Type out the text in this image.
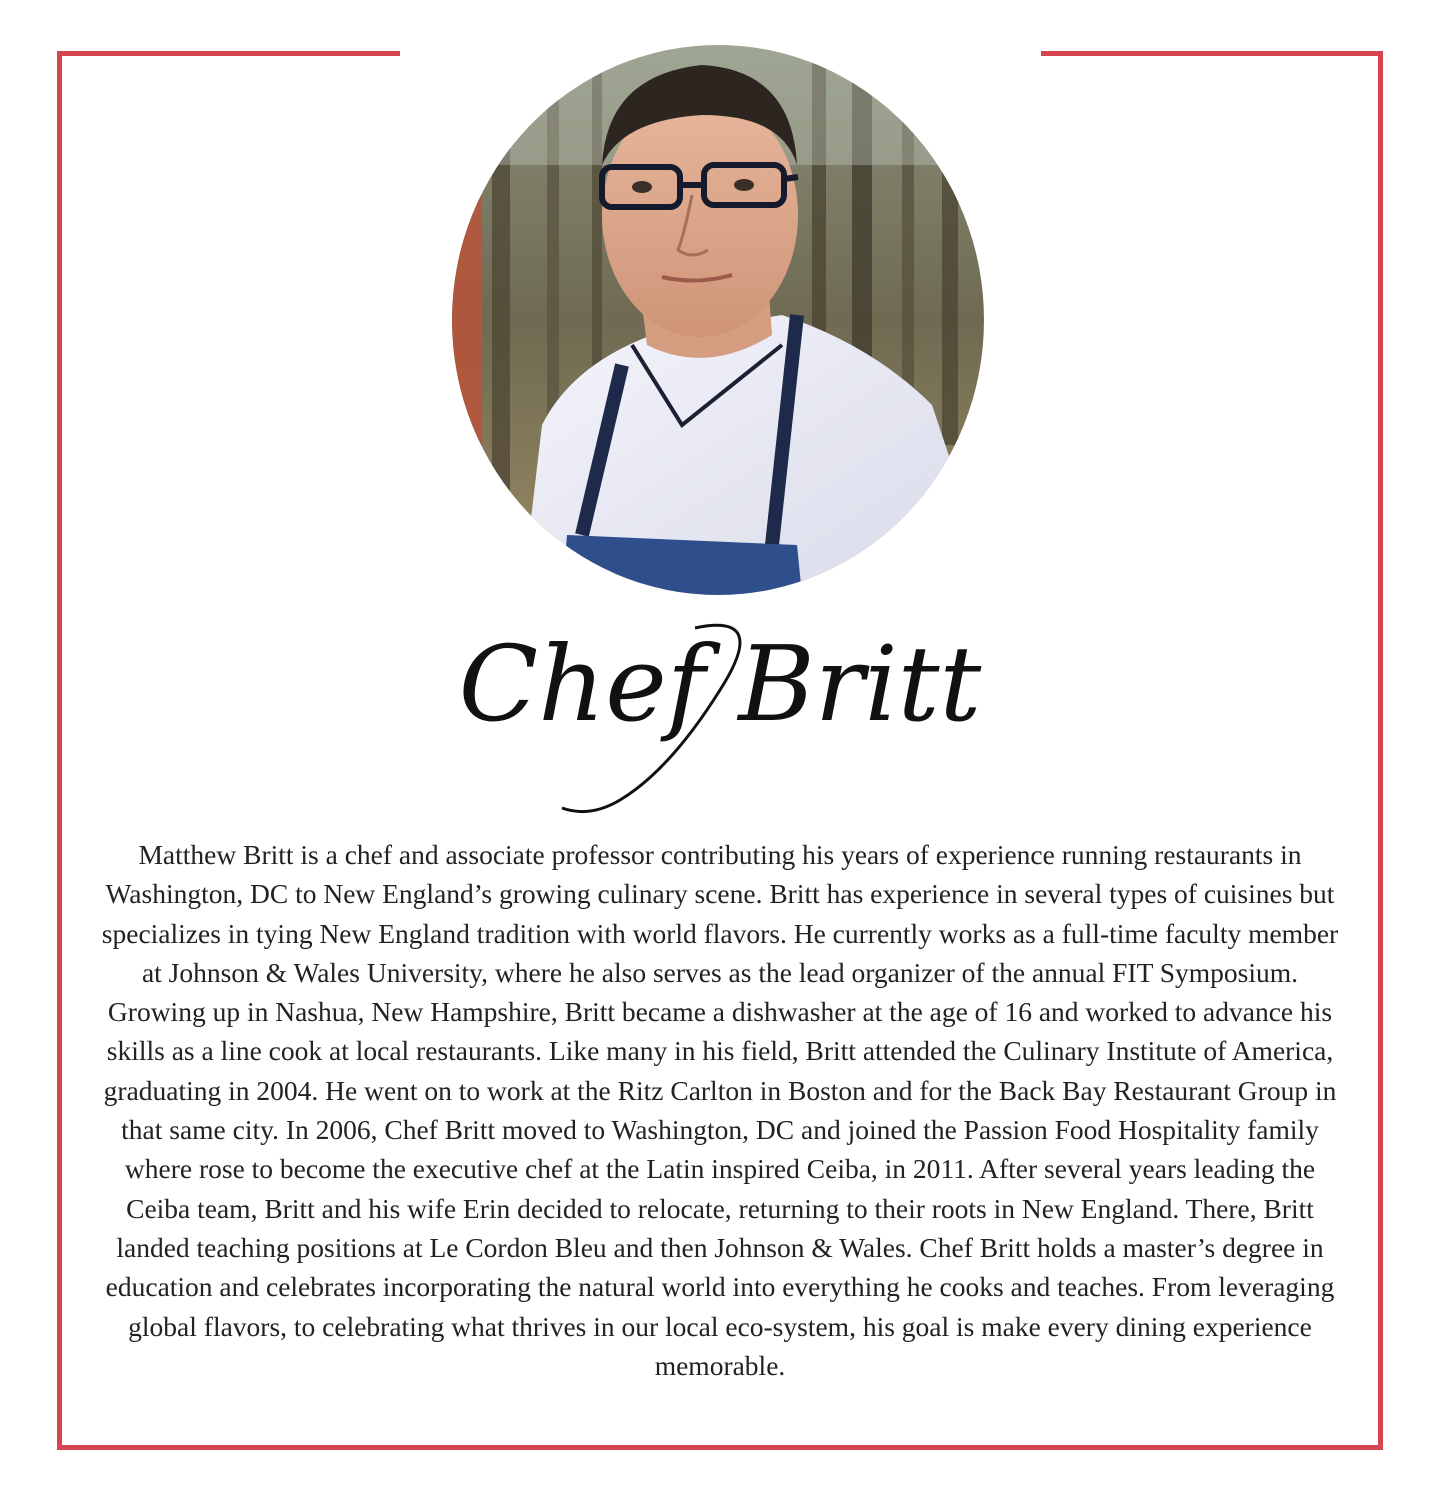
Chef Britt

Matthew Britt is a chef and associate professor contributing his years of experience running restaurants in Washington, DC to New England’s growing culinary scene. Britt has experience in several types of cuisines but specializes in tying New England tradition with world flavors. He currently works as a full-time faculty member at Johnson & Wales University, where he also serves as the lead organizer of the annual FIT Symposium. Growing up in Nashua, New Hampshire, Britt became a dishwasher at the age of 16 and worked to advance his skills as a line cook at local restaurants. Like many in his field, Britt attended the Culinary Institute of America, graduating in 2004. He went on to work at the Ritz Carlton in Boston and for the Back Bay Restaurant Group in that same city. In 2006, Chef Britt moved to Washington, DC and joined the Passion Food Hospitality family where rose to become the executive chef at the Latin inspired Ceiba, in 2011. After several years leading the Ceiba team, Britt and his wife Erin decided to relocate, returning to their roots in New England. There, Britt landed teaching positions at Le Cordon Bleu and then Johnson & Wales. Chef Britt holds a master’s degree in education and celebrates incorporating the natural world into everything he cooks and teaches. From leveraging global flavors, to celebrating what thrives in our local eco-system, his goal is make every dining experience memorable.
